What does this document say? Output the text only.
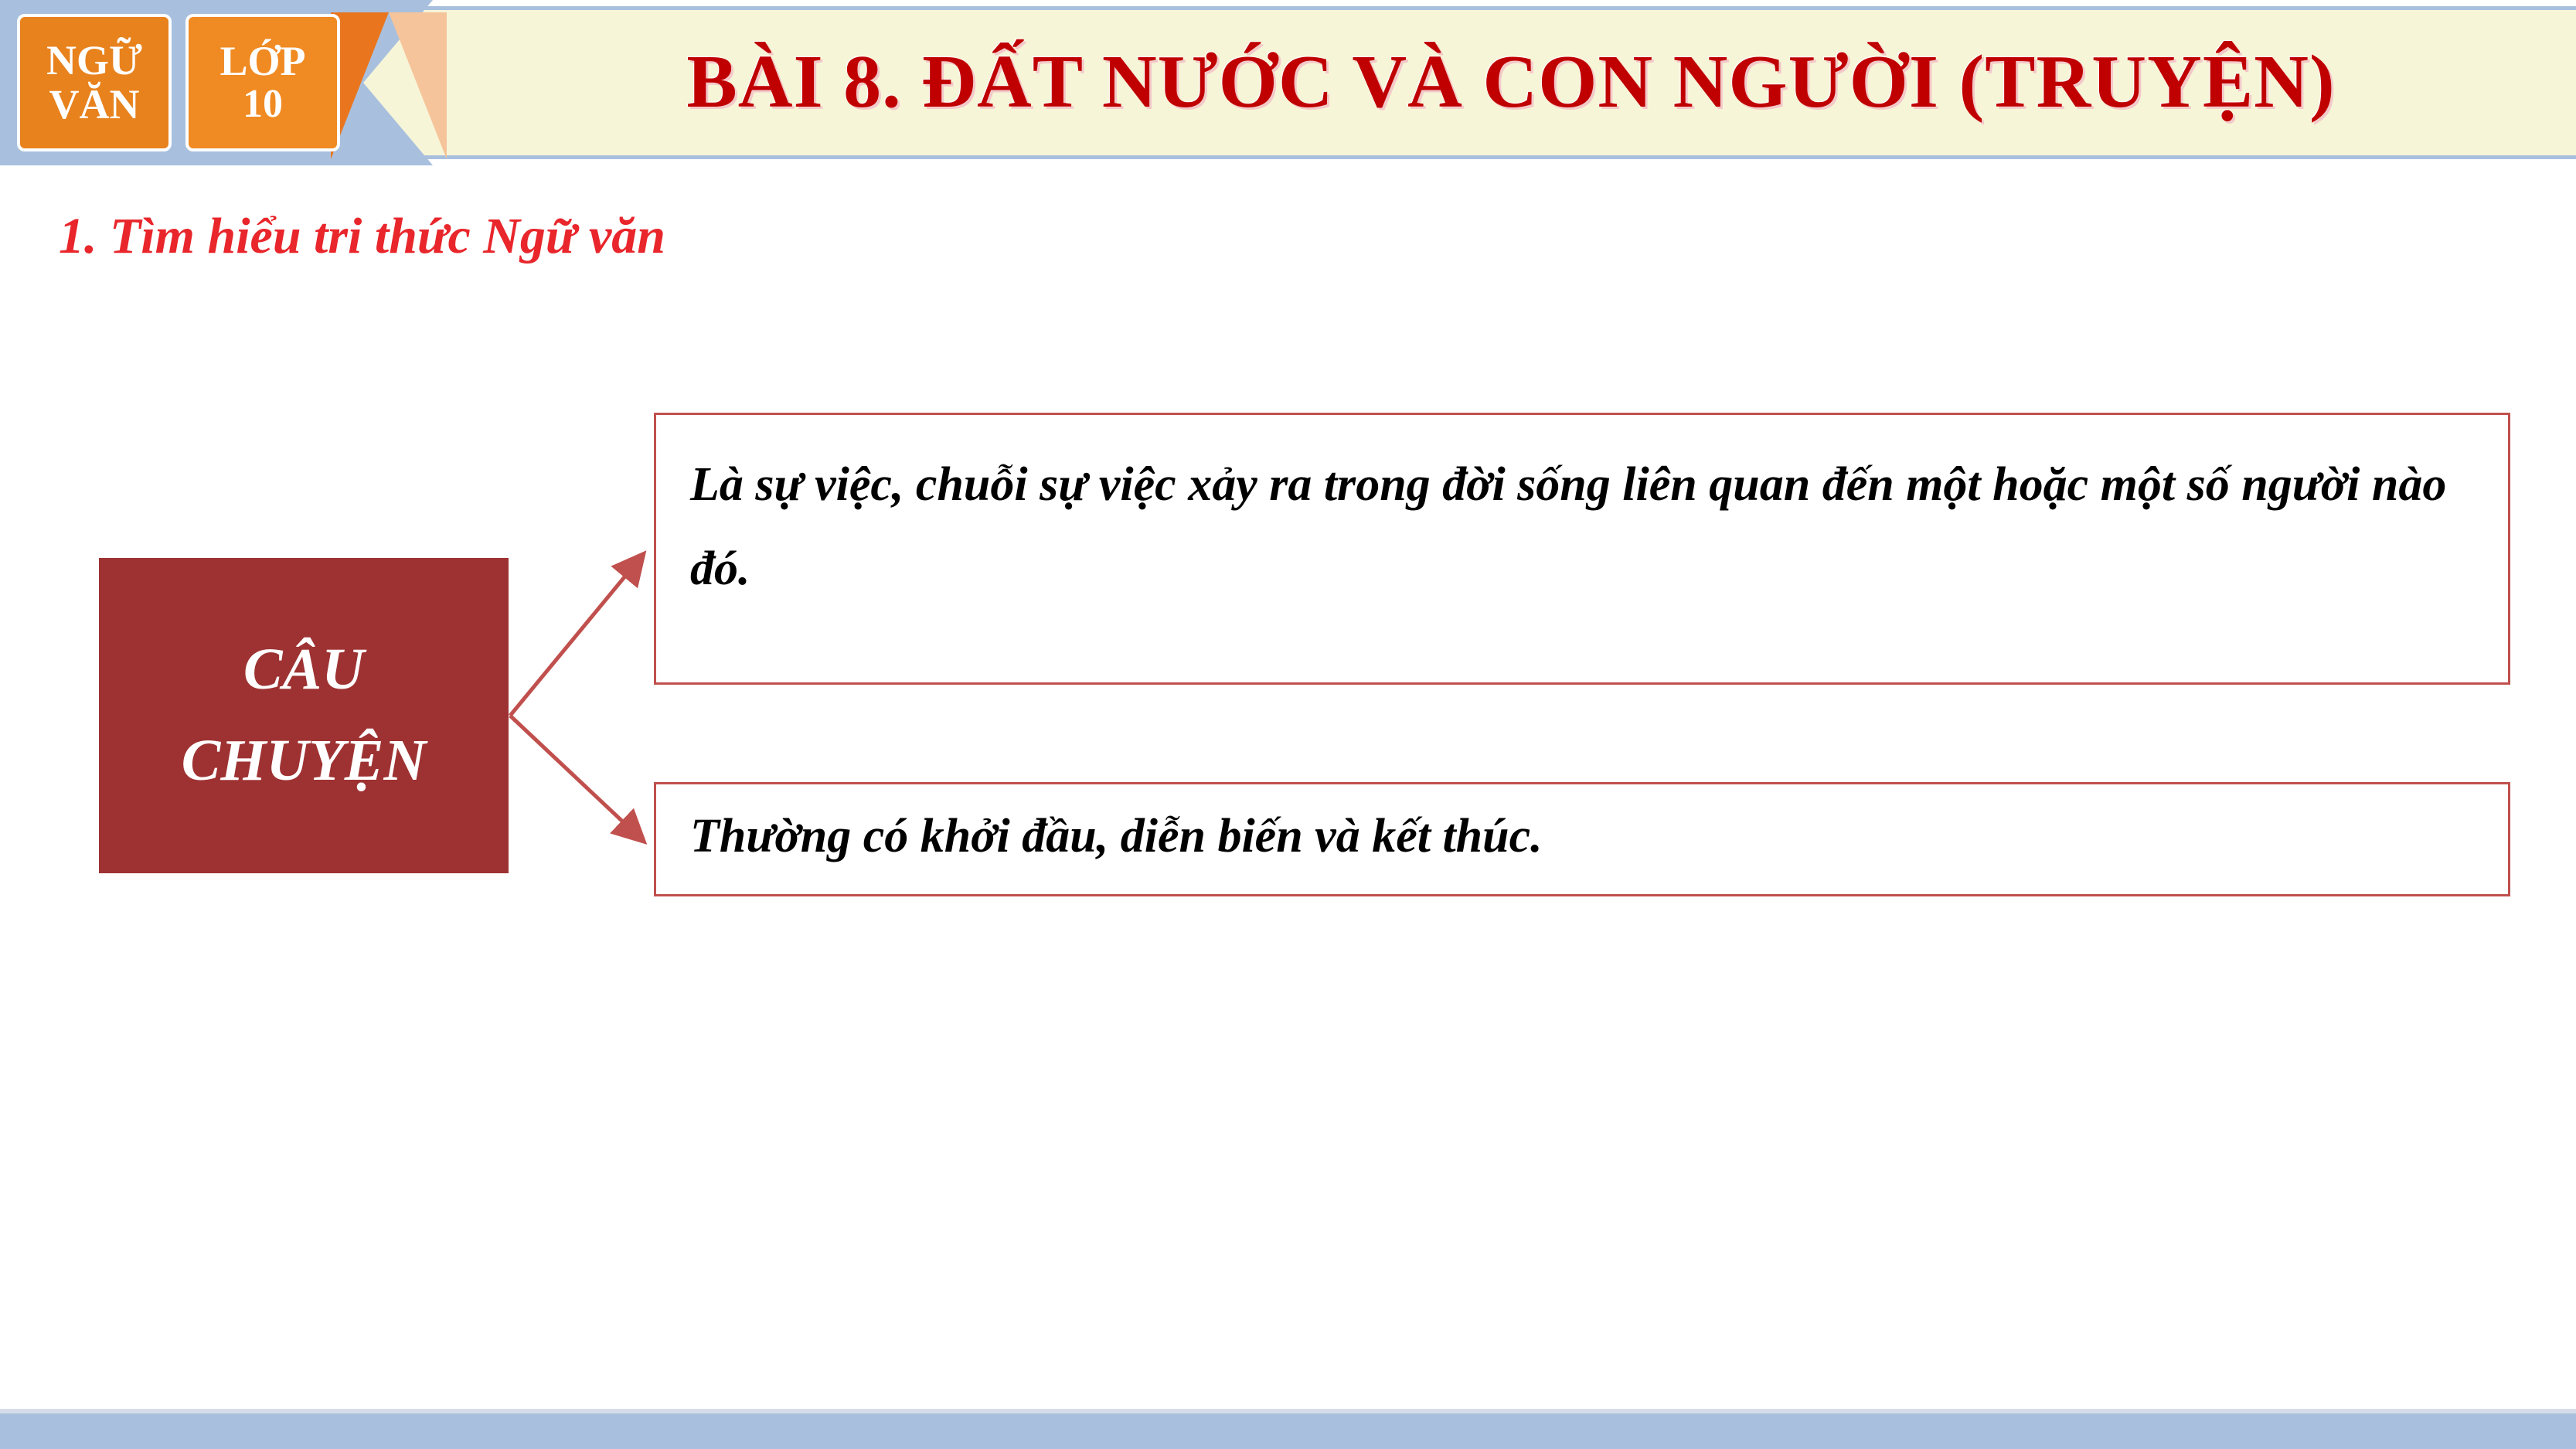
NGỮ
VĂN
LỚP
10	BÀI 8. ĐẤT NƯỚC VÀ CON NGƯỜI (TRUYỆN)
1. Tìm hiểu tri thức Ngữ văn
CÂU
CHUYỆN
Là sự việc, chuỗi sự việc xảy ra trong đời sống liên quan đến một hoặc một số người nào đó.
Thường có khởi đầu, diễn biến và kết thúc.
